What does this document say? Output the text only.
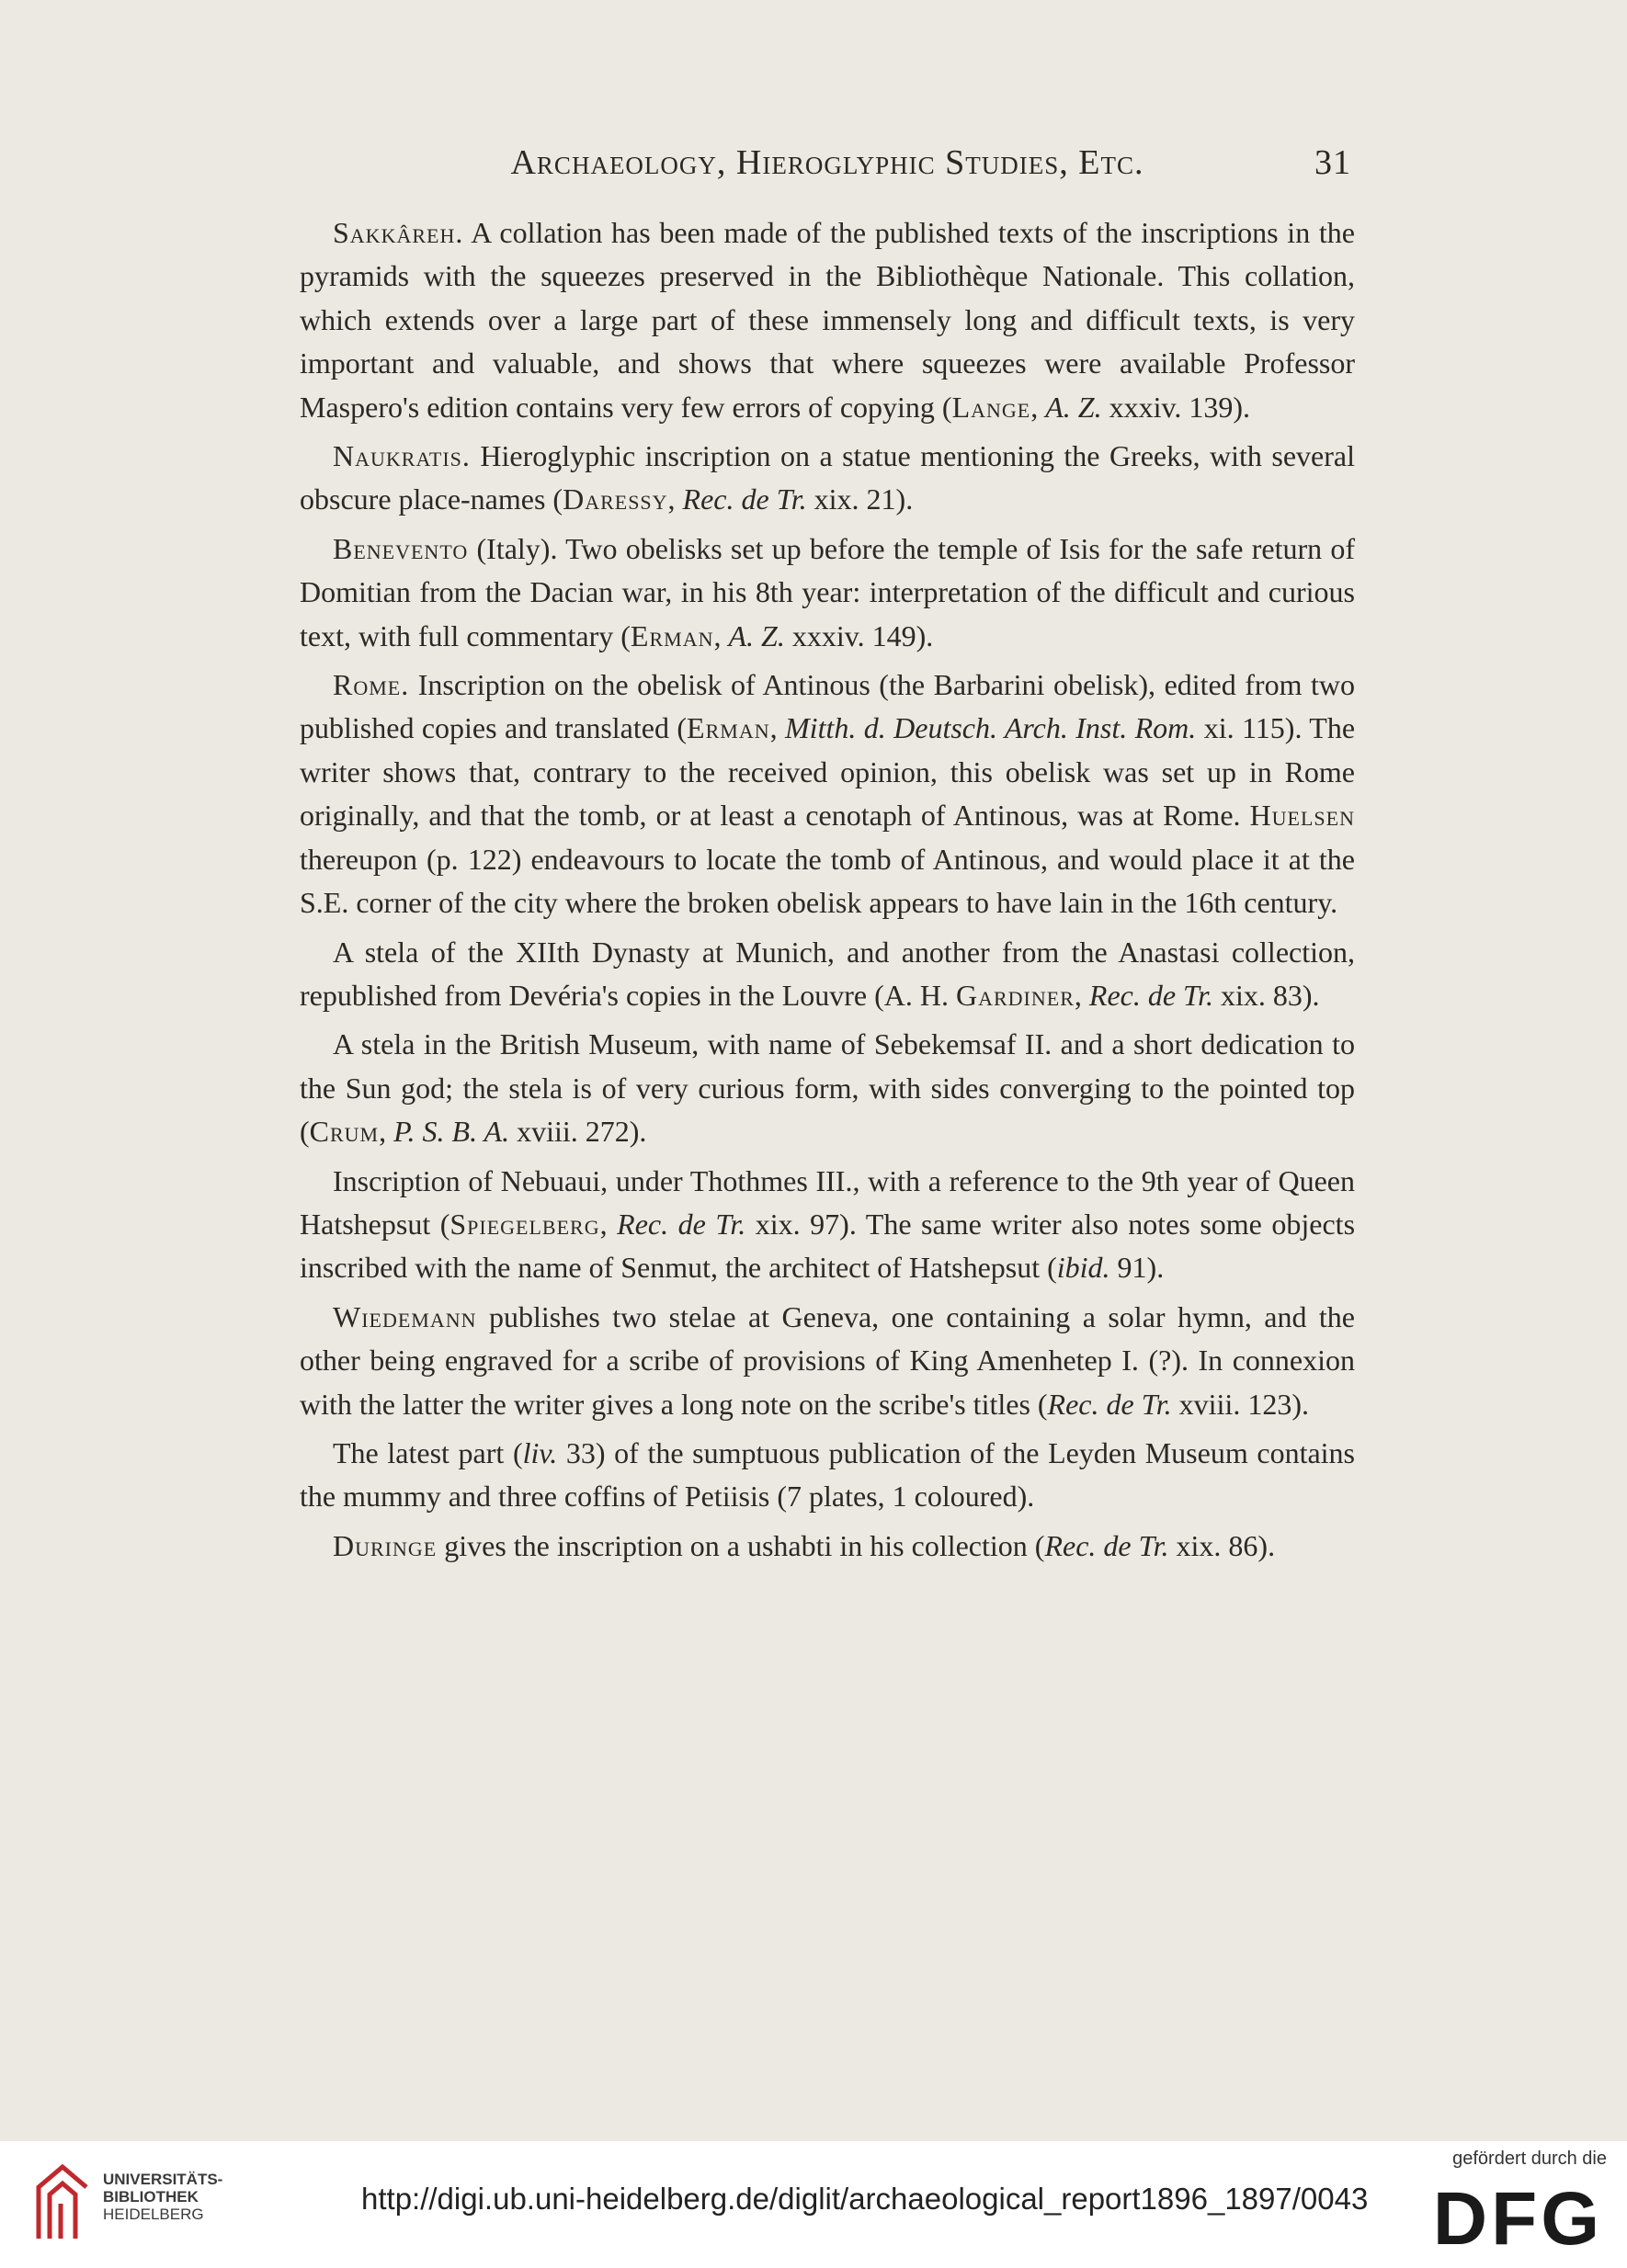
Archaeology, Hieroglyphic Studies, Etc.	31

Sakkâreh. A collation has been made of the published texts of the inscriptions in the pyramids with the squeezes preserved in the Bibliothèque Nationale. This collation, which extends over a large part of these immensely long and difficult texts, is very important and valuable, and shows that where squeezes were available Professor Maspero's edition contains very few errors of copying (Lange, A. Z. xxxiv. 139).

Naukratis. Hieroglyphic inscription on a statue mentioning the Greeks, with several obscure place-names (Daressy, Rec. de Tr. xix. 21).

Benevento (Italy). Two obelisks set up before the temple of Isis for the safe return of Domitian from the Dacian war, in his 8th year: interpretation of the difficult and curious text, with full commentary (Erman, A. Z. xxxiv. 149).

Rome. Inscription on the obelisk of Antinous (the Barbarini obelisk), edited from two published copies and translated (Erman, Mitth. d. Deutsch. Arch. Inst. Rom. xi. 115). The writer shows that, contrary to the received opinion, this obelisk was set up in Rome originally, and that the tomb, or at least a cenotaph of Antinous, was at Rome. Huelsen thereupon (p. 122) endeavours to locate the tomb of Antinous, and would place it at the S.E. corner of the city where the broken obelisk appears to have lain in the 16th century.

A stela of the XIIth Dynasty at Munich, and another from the Anastasi collection, republished from Devéria's copies in the Louvre (A. H. Gardiner, Rec. de Tr. xix. 83).

A stela in the British Museum, with name of Sebekemsaf II. and a short dedication to the Sun god; the stela is of very curious form, with sides converging to the pointed top (Crum, P. S. B. A. xviii. 272).

Inscription of Nebuaui, under Thothmes III., with a reference to the 9th year of Queen Hatshepsut (Spiegelberg, Rec. de Tr. xix. 97). The same writer also notes some objects inscribed with the name of Senmut, the architect of Hatshepsut (ibid. 91).

Wiedemann publishes two stelae at Geneva, one containing a solar hymn, and the other being engraved for a scribe of provisions of King Amenhetep I. (?). In connexion with the latter the writer gives a long note on the scribe's titles (Rec. de Tr. xviii. 123).

The latest part (liv. 33) of the sumptuous publication of the Leyden Museum contains the mummy and three coffins of Petiisis (7 plates, 1 coloured).

Duringe gives the inscription on a ushabti in his collection (Rec. de Tr. xix. 86).

UNIVERSITÄTS-
BIBLIOTHEK
HEIDELBERG	http://digi.ub.uni-heidelberg.de/diglit/archaeological_report1896_1897/0043
gefördert durch die
DFG
